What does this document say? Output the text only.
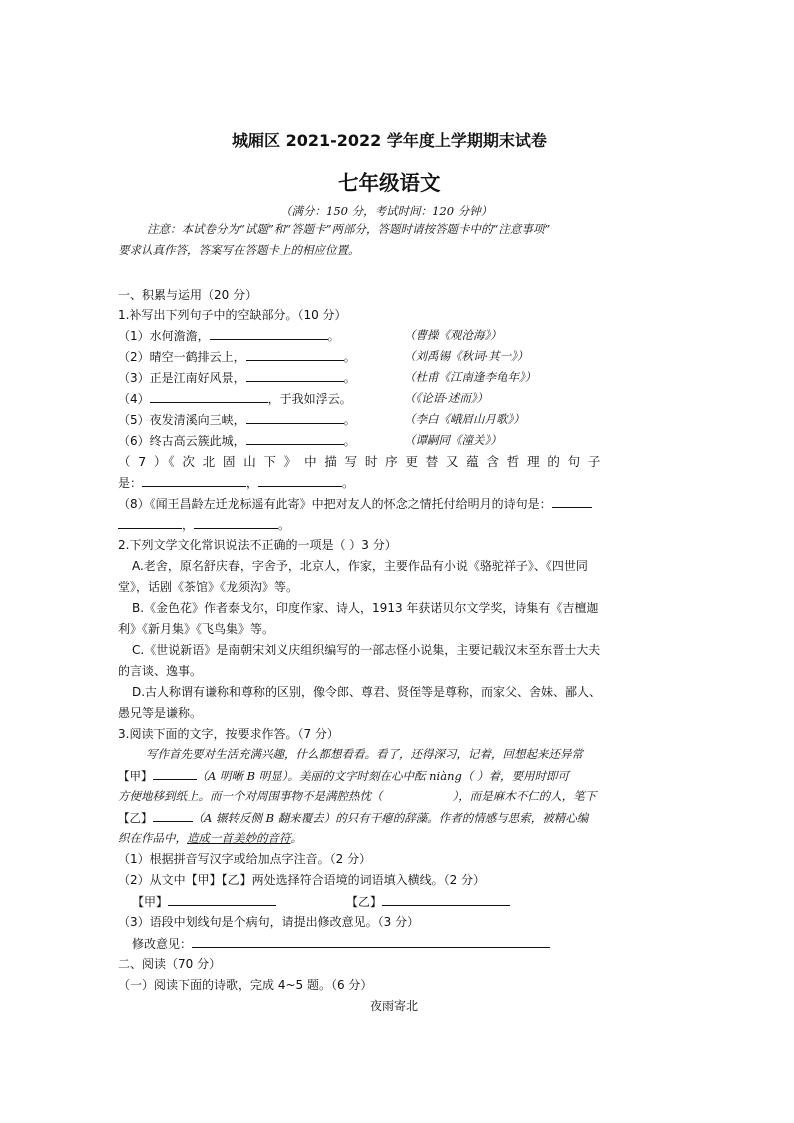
城厢区 2021-2022 学年度上学期期末试卷
七年级语文
（满分：150 分，考试时间：120 分钟）
注意：本试卷分为“试题”和“答题卡”两部分，答题时请按答题卡中的“注意事项”
要求认真作答，答案写在答题卡上的相应位置。
一、积累与运用（20 分）
1.补写出下列句子中的空缺部分。（10 分）
（1）水何澹澹，	。	（曹操《观沧海》）
（2）晴空一鹤排云上，	。	（刘禹锡《秋词·其一》）
（3）正是江南好风景，	。	（杜甫《江南逢李龟年》）
（4）	，于我如浮云。	（《论语·述而》）
（5）夜发清溪向三峡，	。	（李白《峨眉山月歌》）
（6）终古高云簇此城，	。	（谭嗣同《潼关》）
（ 7 ）《 次 北 固 山 下 》 中 描 写 时 序 更 替 又 蕴 含 哲 理 的 句 子
是：	，	。
（8）《闻王昌龄左迁龙标遥有此寄》中把对友人的怀念之情托付给明月的诗句是：
，	。
2.下列文学文化常识说法不正确的一项是（ ）3 分）
A.老舍，原名舒庆春，字舍予，北京人，作家，主要作品有小说《骆驼祥子》、《四世同
堂》，话剧《茶馆》《龙须沟》等。
B.《金色花》作者泰戈尔，印度作家、诗人，1913 年获诺贝尔文学奖，诗集有《吉檀迦
利》《新月集》《飞鸟集》等。
C.《世说新语》是南朝宋刘义庆组织编写的一部志怪小说集，主要记载汉末至东晋士大夫
的言谈、逸事。
D.古人称谓有谦称和尊称的区别，像令郎、尊君、贤侄等是尊称，而家父、舍妹、鄙人、
愚兄等是谦称。
3.阅读下面的文字，按要求作答。（7 分）
写作首先要对生活充满兴趣，什么都想看看。看了，还得深习，记着，回想起来还异常
【甲】	（A 明晰 B 明显）。美丽的文字时刻在心中酝 niàng（ ）着，要用时即可
方便地移到纸上。而一个对周围事物不是满腔热忱（	），而是麻木不仁的人，笔下
【乙】	（A 辗转反侧 B 翻来覆去）的只有干瘪的辞藻。作者的情感与思索，被精心编
织在作品中，造成一首美妙的音符。
（1）根据拼音写汉字或给加点字注音。（2 分）
（2）从文中【甲】【乙】两处选择符合语境的词语填入横线。（2 分）
【甲】	【乙】
（3）语段中划线句是个病句，请提出修改意见。（3 分）
修改意见：
二、阅读（70 分）
（一）阅读下面的诗歌，完成 4~5 题。（6 分）
夜雨寄北
